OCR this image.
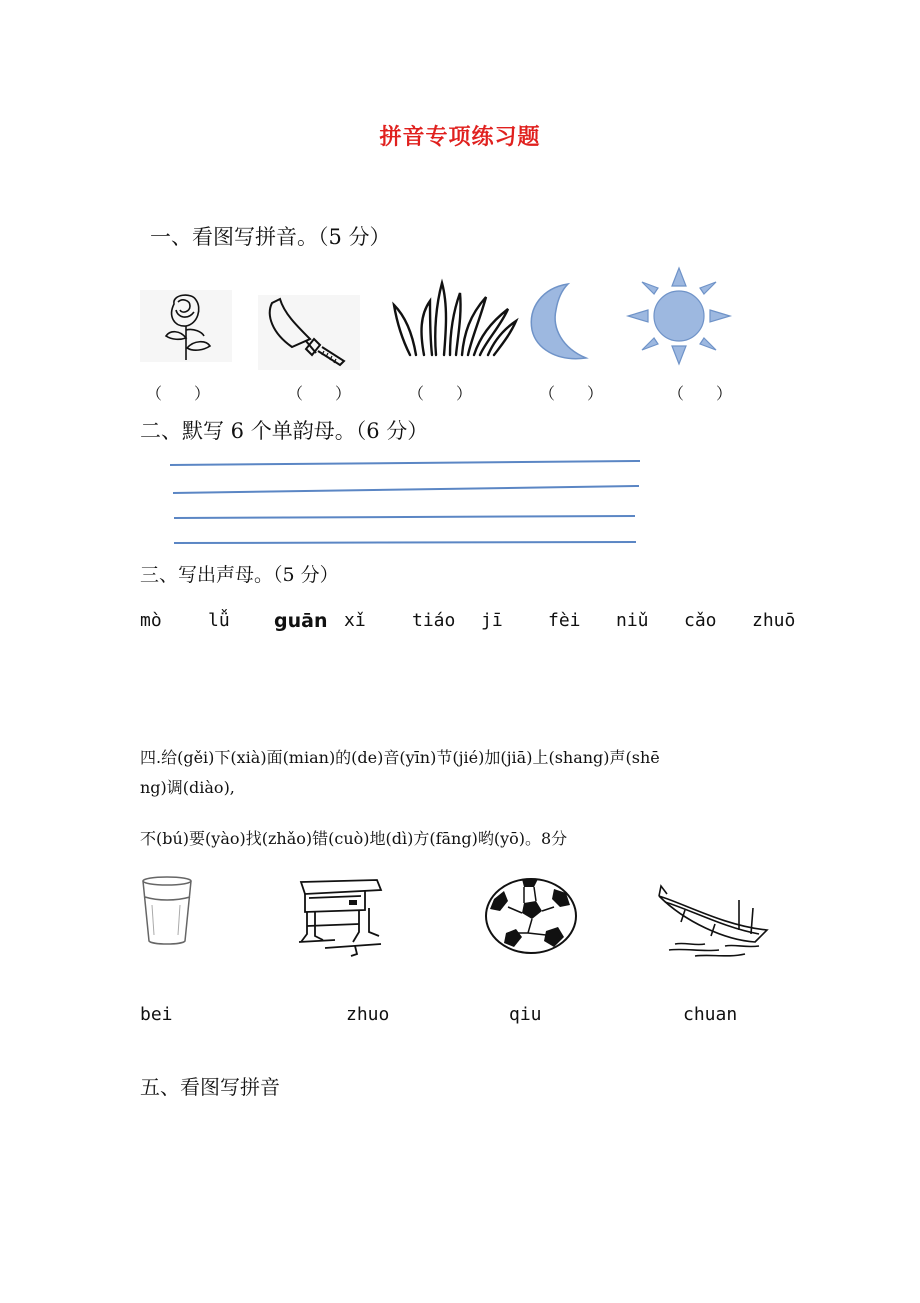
拼音专项练习题
一、看图写拼音。（5 分）
（　　）	（　　）	（　　）	（　　）	（　　）
二、默写 6 个单韵母。（6 分）
三、写出声母。（5 分）
mò	lǚ guān xǐ	tiáo jī	fèi niǔ cǎo zhuō
四.给(gěi)下(xià)面(mian)的(de)音(yīn)节(jié)加(jiā)上(shang)声(shē
ng)调(diào),
不(bú)要(yào)找(zhǎo)错(cuò)地(dì)方(fāng)哟(yō)。8分
bei	zhuo	qiu	chuan
五、看图写拼音
